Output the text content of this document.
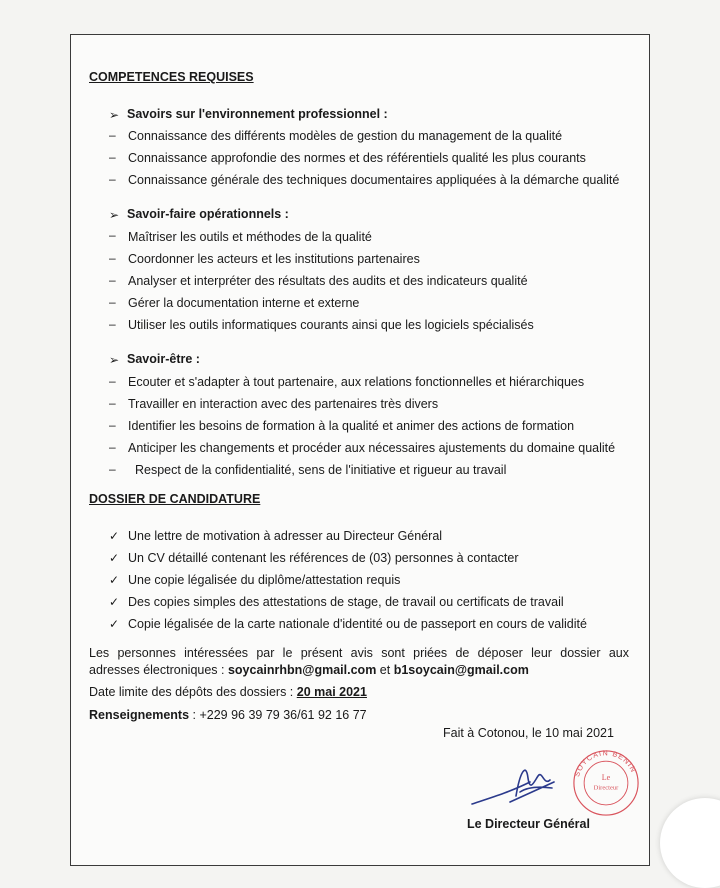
COMPETENCES REQUISES
➢ Savoirs sur l'environnement professionnel :
– Connaissance des différents modèles de gestion du management de la qualité
– Connaissance approfondie des normes et des référentiels qualité les plus courants
– Connaissance générale des techniques documentaires appliquées à la démarche qualité
➢ Savoir-faire opérationnels :
– Maîtriser les outils et méthodes de la qualité
– Coordonner les acteurs et les institutions partenaires
– Analyser et interpréter des résultats des audits et des indicateurs qualité
– Gérer la documentation interne et externe
– Utiliser les outils informatiques courants ainsi que les logiciels spécialisés
➢ Savoir-être :
– Ecouter et s'adapter à tout partenaire, aux relations fonctionnelles et hiérarchiques
– Travailler en interaction avec des partenaires très divers
– Identifier les besoins de formation à la qualité et animer des actions de formation
– Anticiper les changements et procéder aux nécessaires ajustements du domaine qualité
– Respect de la confidentialité, sens de l'initiative et rigueur au travail
DOSSIER DE CANDIDATURE
✓ Une lettre de motivation à adresser au Directeur Général
✓ Un CV détaillé contenant les références de (03) personnes à contacter
✓ Une copie légalisée du diplôme/attestation requis
✓ Des copies simples des attestations de stage, de travail ou certificats de travail
✓ Copie légalisée de la carte nationale d'identité ou de passeport en cours de validité
Les personnes intéressées par le présent avis sont priées de déposer leur dossier aux
adresses électroniques : soycainrhbn@gmail.com et b1soycain@gmail.com
Date limite des dépôts des dossiers : 20 mai 2021
Renseignements : +229 96 39 79 36/61 92 16 77
Fait à Cotonou, le 10 mai 2021
Le Directeur Général
SOYCAIN BENIN
Le
Directeur
